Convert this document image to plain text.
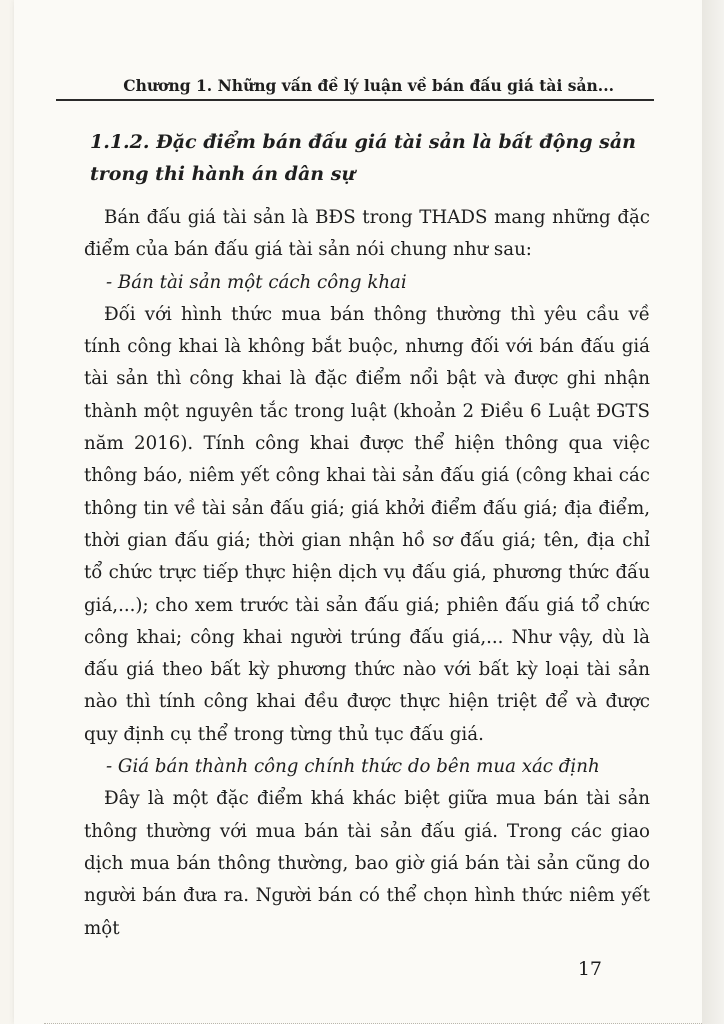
Chương 1. Những vấn đề lý luận về bán đấu giá tài sản...

1.1.2. Đặc điểm bán đấu giá tài sản là bất động sản trong thi hành án dân sự

Bán đấu giá tài sản là BĐS trong THADS mang những đặc điểm của bán đấu giá tài sản nói chung như sau:

- Bán tài sản một cách công khai

Đối với hình thức mua bán thông thường thì yêu cầu về tính công khai là không bắt buộc, nhưng đối với bán đấu giá tài sản thì công khai là đặc điểm nổi bật và được ghi nhận thành một nguyên tắc trong luật (khoản 2 Điều 6 Luật ĐGTS năm 2016). Tính công khai được thể hiện thông qua việc thông báo, niêm yết công khai tài sản đấu giá (công khai các thông tin về tài sản đấu giá; giá khởi điểm đấu giá; địa điểm, thời gian đấu giá; thời gian nhận hồ sơ đấu giá; tên, địa chỉ tổ chức trực tiếp thực hiện dịch vụ đấu giá, phương thức đấu giá,...); cho xem trước tài sản đấu giá; phiên đấu giá tổ chức công khai; công khai người trúng đấu giá,... Như vậy, dù là đấu giá theo bất kỳ phương thức nào với bất kỳ loại tài sản nào thì tính công khai đều được thực hiện triệt để và được quy định cụ thể trong từng thủ tục đấu giá.

- Giá bán thành công chính thức do bên mua xác định

Đây là một đặc điểm khá khác biệt giữa mua bán tài sản thông thường với mua bán tài sản đấu giá. Trong các giao dịch mua bán thông thường, bao giờ giá bán tài sản cũng do người bán đưa ra. Người bán có thể chọn hình thức niêm yết một

17
